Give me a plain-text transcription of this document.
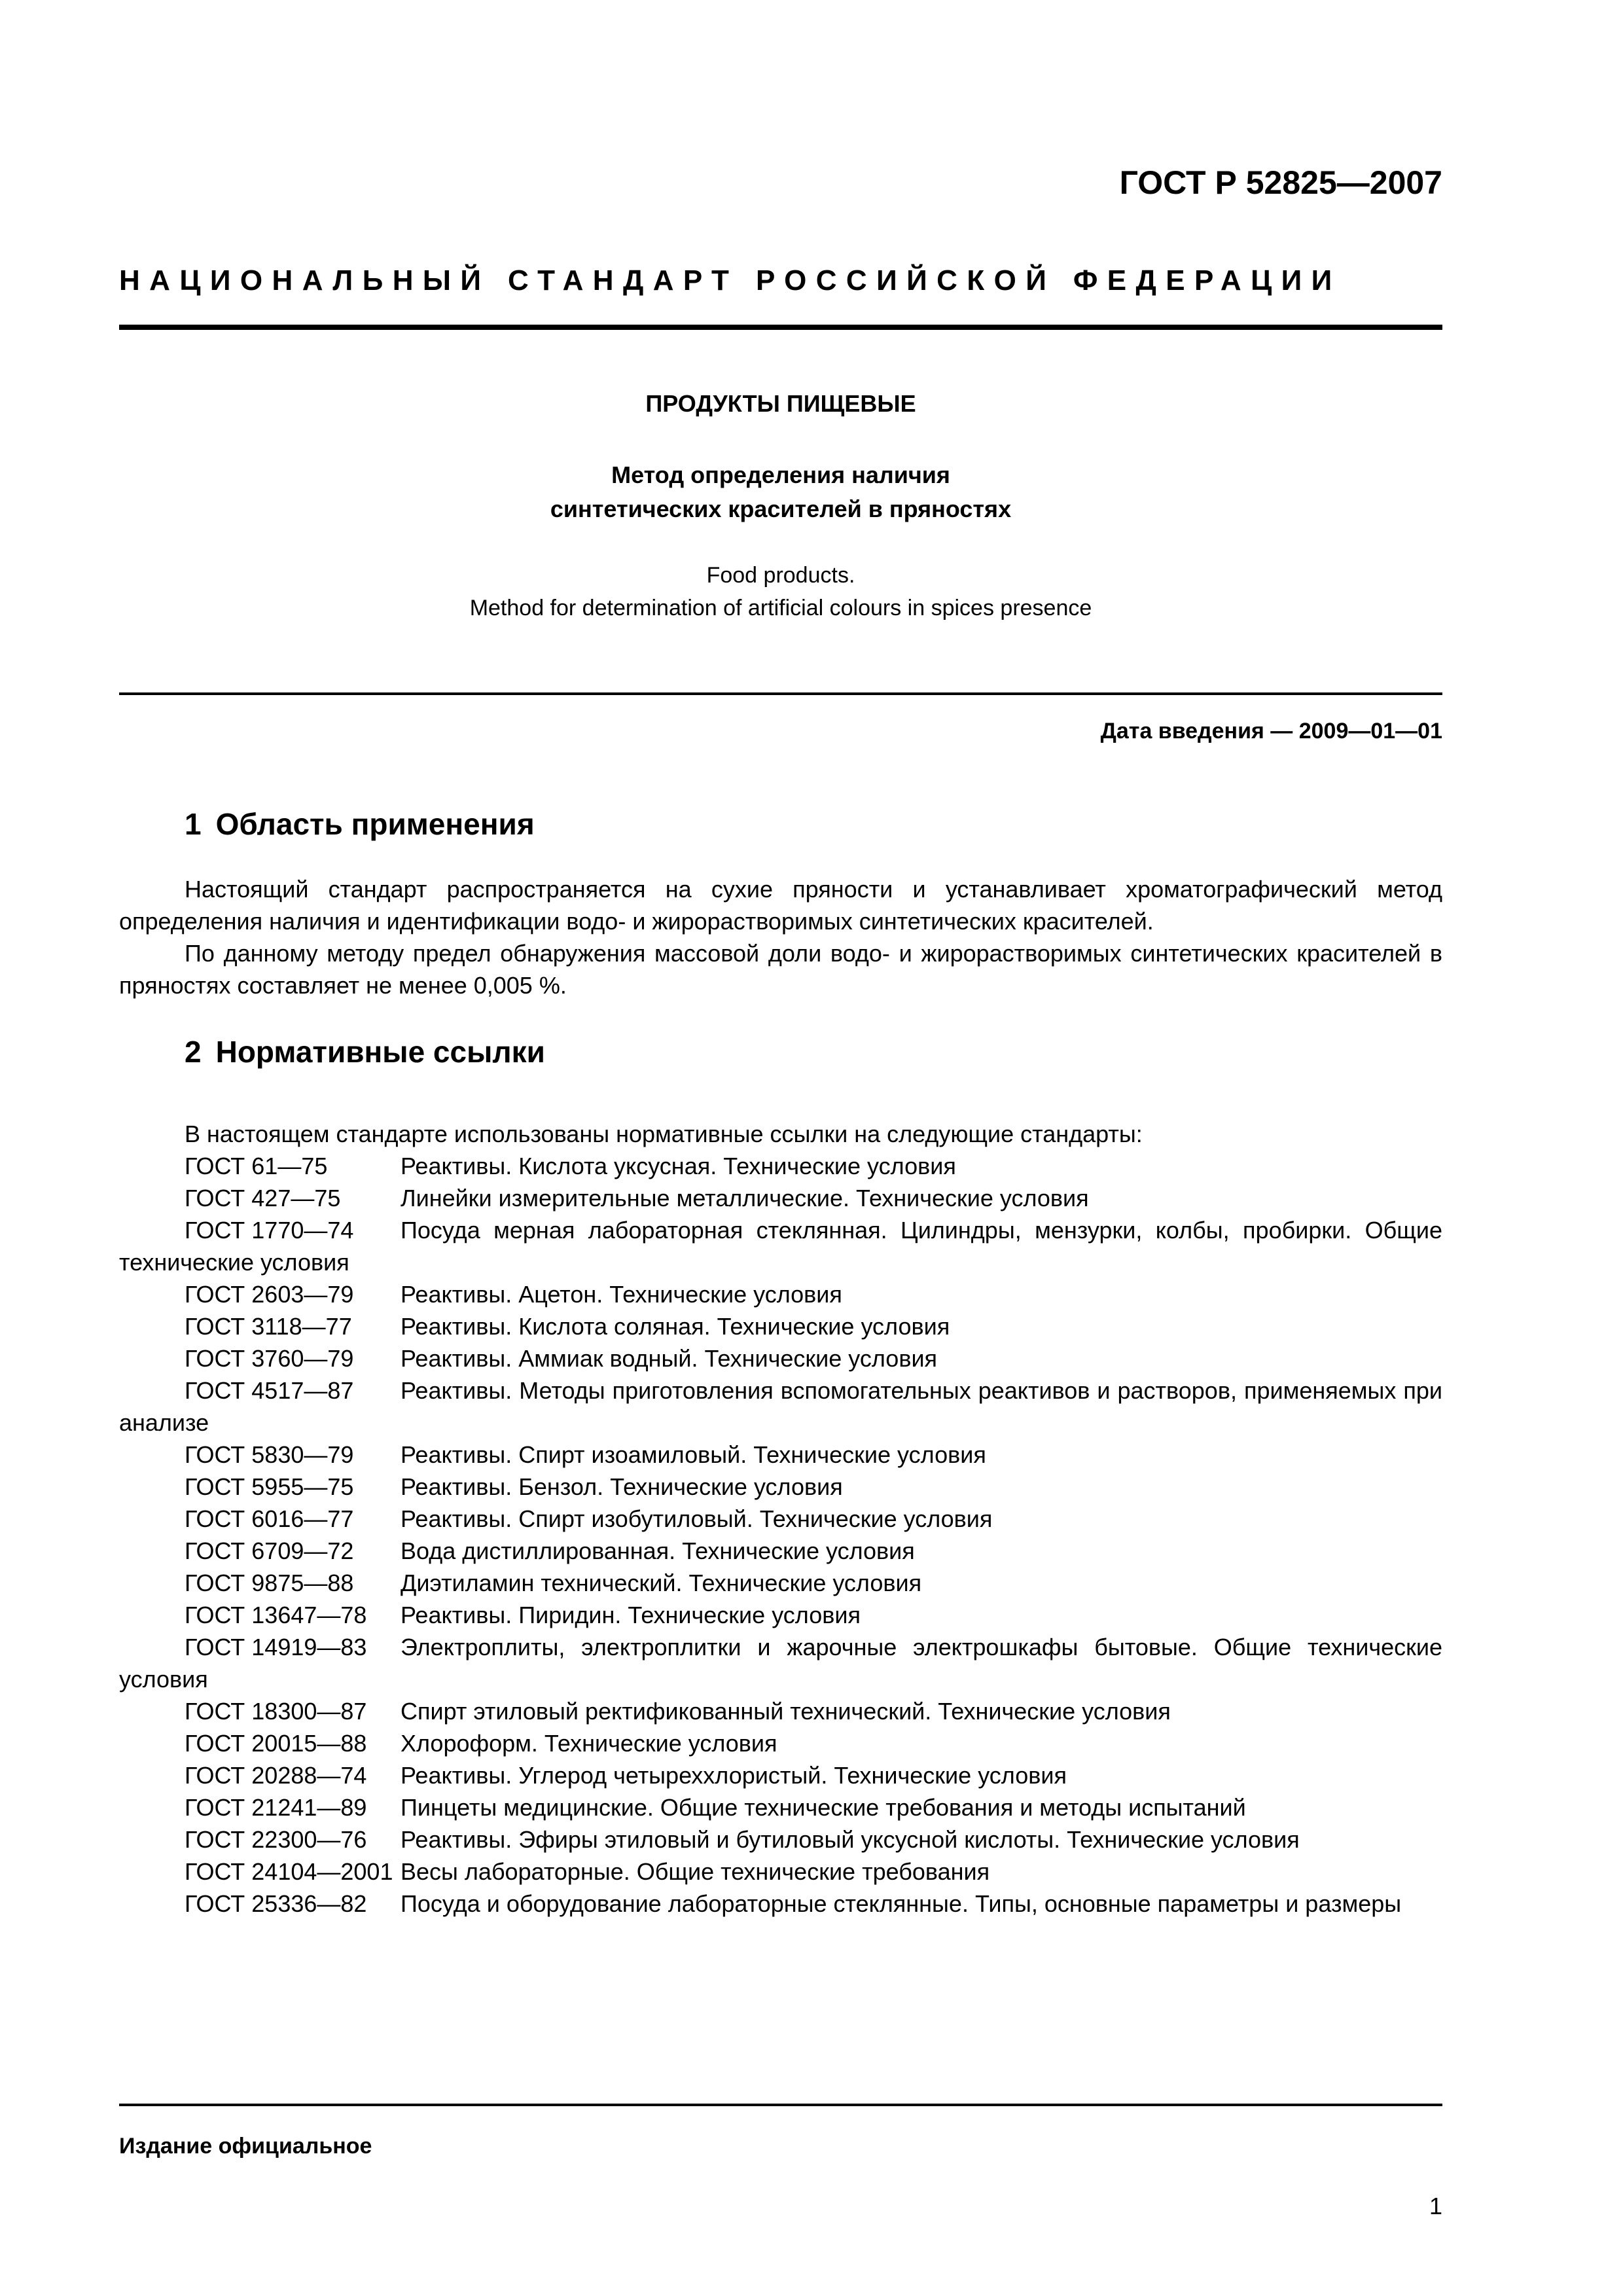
ГОСТ Р 52825—2007
НАЦИОНАЛЬНЫЙ СТАНДАРТ РОССИЙСКОЙ ФЕДЕРАЦИИ
ПРОДУКТЫ ПИЩЕВЫЕ
Метод определения наличия
синтетических красителей в пряностях
Food products.
Method for determination of artificial colours in spices presence
Дата введения — 2009—01—01
1 Область применения

Настоящий стандарт распространяется на сухие пряности и устанавливает хроматографический метод определения наличия и идентификации водо- и жирорастворимых синтетических красителей.

По данному методу предел обнаружения массовой доли водо- и жирорастворимых синтетических красителей в пряностях составляет не менее 0,005 %.

2 Нормативные ссылки

В настоящем стандарте использованы нормативные ссылки на следующие стандарты:

ГОСТ 61—75	Реактивы. Кислота уксусная. Технические условия

ГОСТ 427—75	Линейки измерительные металлические. Технические условия

ГОСТ 1770—74 Посуда мерная лабораторная стеклянная. Цилиндры, мензурки, колбы, пробирки. Общие технические условия

ГОСТ 2603—79 Реактивы. Ацетон. Технические условия

ГОСТ 3118—77 Реактивы. Кислота соляная. Технические условия

ГОСТ 3760—79 Реактивы. Аммиак водный. Технические условия

ГОСТ 4517—87 Реактивы. Методы приготовления вспомогательных реактивов и растворов, применяемых при анализе

ГОСТ 5830—79 Реактивы. Спирт изоамиловый. Технические условия

ГОСТ 5955—75 Реактивы. Бензол. Технические условия

ГОСТ 6016—77 Реактивы. Спирт изобутиловый. Технические условия

ГОСТ 6709—72 Вода дистиллированная. Технические условия

ГОСТ 9875—88 Диэтиламин технический. Технические условия

ГОСТ 13647—78 Реактивы. Пиридин. Технические условия

ГОСТ 14919—83 Электроплиты, электроплитки и жарочные электрошкафы бытовые. Общие технические условия

ГОСТ 18300—87 Спирт этиловый ректификованный технический. Технические условия

ГОСТ 20015—88 Хлороформ. Технические условия

ГОСТ 20288—74 Реактивы. Углерод четыреххлористый. Технические условия

ГОСТ 21241—89 Пинцеты медицинские. Общие технические требования и методы испытаний

ГОСТ 22300—76 Реактивы. Эфиры этиловый и бутиловый уксусной кислоты. Технические условия

ГОСТ 24104—2001 Весы лабораторные. Общие технические требования

ГОСТ 25336—82 Посуда и оборудование лабораторные стеклянные. Типы, основные параметры и размеры

Издание официальное
1
